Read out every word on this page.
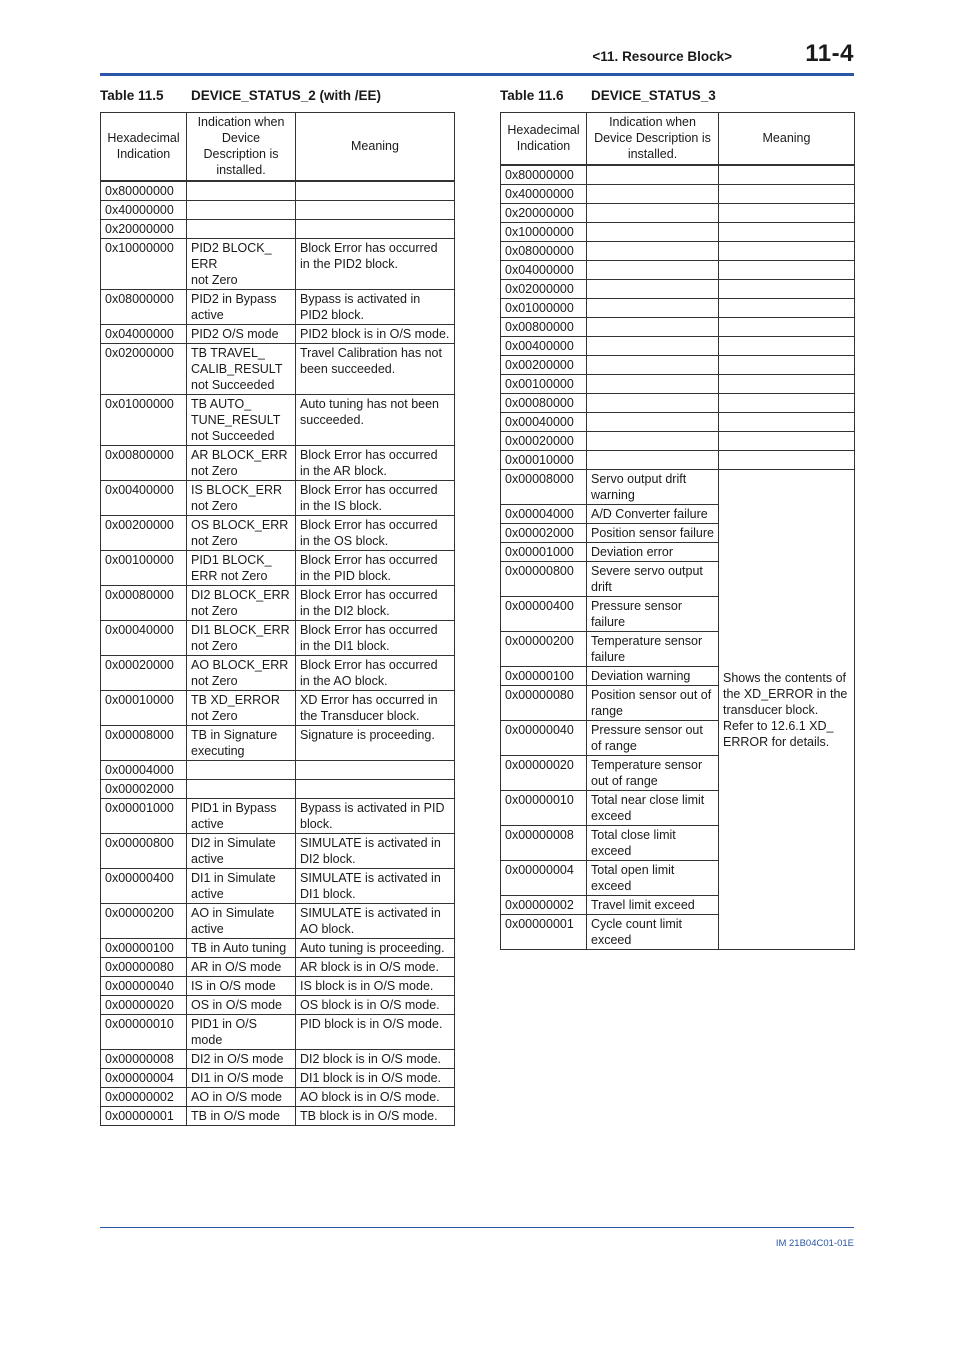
<11. Resource Block>	11-4
Table 11.5 DEVICE_STATUS_2 (with /EE)
Hexadecimal Indication	Indication when Device Description is installed.	Meaning
0x80000000		
0x40000000		
0x20000000		
0x10000000	PID2 BLOCK_
ERR
not Zero	Block Error has occurred in the PID2 block.
0x08000000	PID2 in Bypass active	Bypass is activated in PID2 block.
0x04000000	PID2 O/S mode	PID2 block is in O/S mode.
0x02000000	TB TRAVEL_
CALIB_RESULT
not Succeeded	Travel Calibration has not been succeeded.
0x01000000	TB AUTO_
TUNE_RESULT
not Succeeded	Auto tuning has not been succeeded.
0x00800000	AR BLOCK_ERR not Zero	Block Error has occurred in the AR block.
0x00400000	IS BLOCK_ERR not Zero	Block Error has occurred in the IS block.
0x00200000	OS BLOCK_ERR not Zero	Block Error has occurred in the OS block.
0x00100000	PID1 BLOCK_
ERR not Zero	Block Error has occurred in the PID block.
0x00080000	DI2 BLOCK_ERR not Zero	Block Error has occurred in the DI2 block.
0x00040000	DI1 BLOCK_ERR not Zero	Block Error has occurred in the DI1 block.
0x00020000	AO BLOCK_ERR not Zero	Block Error has occurred in the AO block.
0x00010000	TB XD_ERROR not Zero	XD Error has occurred in the Transducer block.
0x00008000	TB in Signature executing	Signature is proceeding.
0x00004000		
0x00002000		
0x00001000	PID1 in Bypass active	Bypass is activated in PID block.
0x00000800	DI2 in Simulate active	SIMULATE is activated in DI2 block.
0x00000400	DI1 in Simulate active	SIMULATE is activated in DI1 block.
0x00000200	AO in Simulate active	SIMULATE is activated in AO block.
0x00000100	TB in Auto tuning	Auto tuning is proceeding.
0x00000080	AR in O/S mode	AR block is in O/S mode.
0x00000040	IS in O/S mode	IS block is in O/S mode.
0x00000020	OS in O/S mode	OS block is in O/S mode.
0x00000010	PID1 in O/S mode	PID block is in O/S mode.
0x00000008	DI2 in O/S mode	DI2 block is in O/S mode.
0x00000004	DI1 in O/S mode	DI1 block is in O/S mode.
0x00000002	AO in O/S mode	AO block is in O/S mode.
0x00000001	TB in O/S mode	TB block is in O/S mode.
Table 11.6 DEVICE_STATUS_3
Hexadecimal Indication	Indication when Device Description is installed.	Meaning
0x80000000		
0x40000000		
0x20000000		
0x10000000		
0x08000000		
0x04000000		
0x02000000		
0x01000000		
0x00800000		
0x00400000		
0x00200000		
0x00100000		
0x00080000		
0x00040000		
0x00020000		
0x00010000		
0x00008000	Servo output drift warning	Shows the contents of the XD_ERROR in the transducer block. Refer to 12.6.1 XD_
ERROR for details.
0x00004000	A/D Converter failure	
0x00002000	Position sensor failure	
0x00001000	Deviation error	
0x00000800	Severe servo output drift	
0x00000400	Pressure sensor failure	
0x00000200	Temperature sensor failure	
0x00000100	Deviation warning	
0x00000080	Position sensor out of range	
0x00000040	Pressure sensor out of range	
0x00000020	Temperature sensor out of range	
0x00000010	Total near close limit exceed	
0x00000008	Total close limit exceed	
0x00000004	Total open limit exceed	
0x00000002	Travel limit exceed	
0x00000001	Cycle count limit exceed	
IM 21B04C01-01E
